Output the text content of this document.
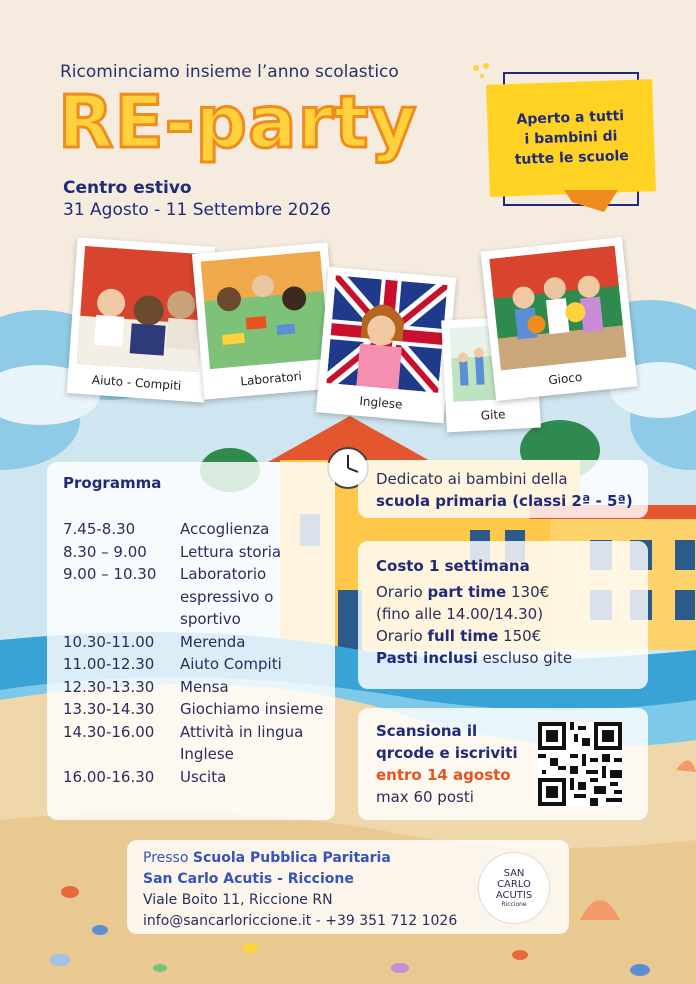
Ricominciamo insieme l’anno scolastico
RE-party
Centro estivo
31 Agosto - 11 Settembre 2026
Aperto a tutti
i bambini di
tutte le scuole
Aiuto - Compiti	Laboratori
Inglese
Gite
Gioco
Programma
7.45-8.30	Accoglienza
8.30 – 9.00	Lettura storia
9.00 – 10.30	Laboratorio espressivo o sportivo
10.30-11.00	Merenda
11.00-12.30	Aiuto Compiti
12.30-13.30	Mensa
13.30-14.30	Giochiamo insieme
14.30-16.00	Attività in lingua Inglese
16.00-16.30	Uscita
Dedicato ai bambini della
scuola primaria (classi 2ª - 5ª)
Costo 1 settimana
Orario part time 130€
(fino alle 14.00/14.30)
Orario full time 150€
Pasti inclusi escluso gite
Scansiona il
qrcode e iscriviti
entro 14 agosto
max 60 posti
Presso Scuola Pubblica Paritaria
San Carlo Acutis - Riccione
Viale Boito 11, Riccione RN
info@sancarloriccione.it - +39 351 712 1026
SAN
CARLO
ACUTIS
Riccione
